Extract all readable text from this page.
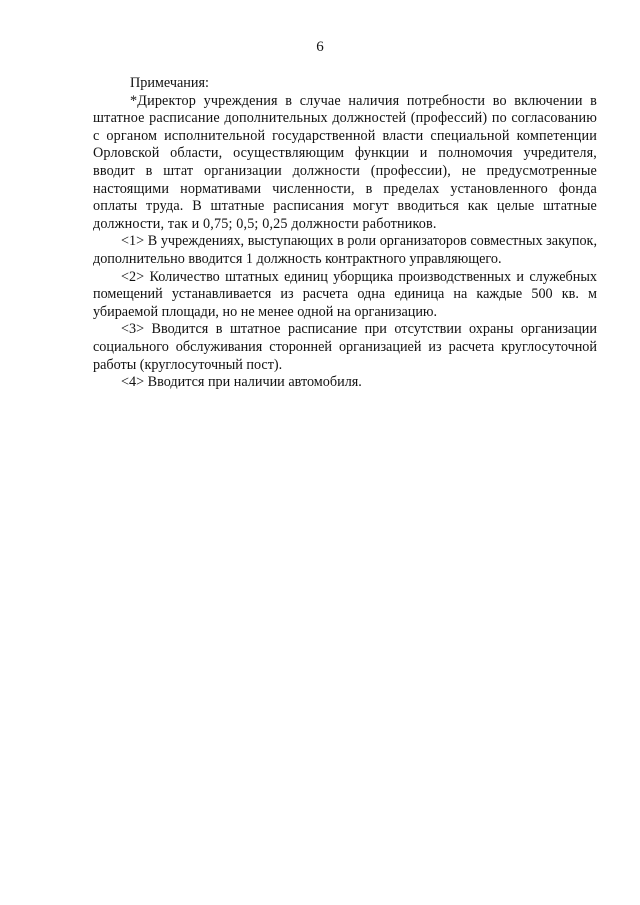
6

Примечания:

*Директор учреждения в случае наличия потребности во включении в штатное расписание дополнительных должностей (профессий) по согласованию с органом исполнительной государственной власти специальной компетенции Орловской области, осуществляющим функции и полномочия учредителя, вводит в штат организации должности (профессии), не предусмотренные настоящими нормативами численности, в пределах установленного фонда оплаты труда. В штатные расписания могут вводиться как целые штатные должности, так и 0,75; 0,5; 0,25 должности работников.

<1> В учреждениях, выступающих в роли организаторов совместных закупок, дополнительно вводится 1 должность контрактного управляющего.

<2> Количество штатных единиц уборщика производственных и служебных помещений устанавливается из расчета одна единица на каждые 500 кв. м убираемой площади, но не менее одной на организацию.

<3> Вводится в штатное расписание при отсутствии охраны организации социального обслуживания сторонней организацией из расчета круглосуточной работы (круглосуточный пост).

<4> Вводится при наличии автомобиля.
